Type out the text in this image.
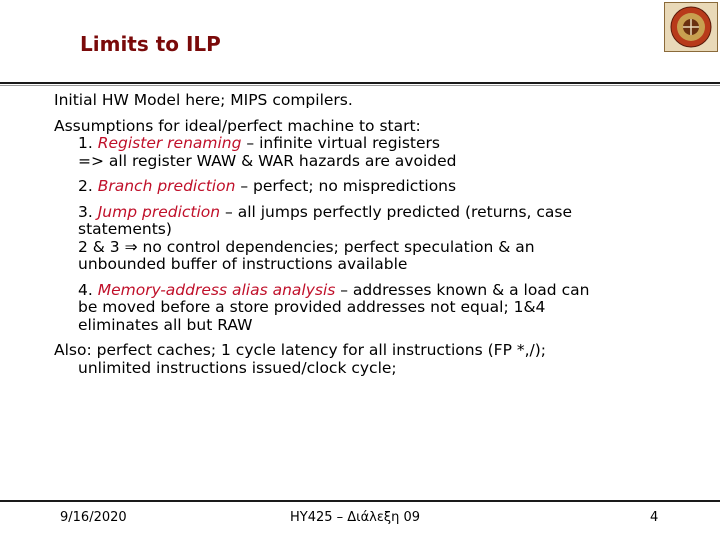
Limits to ILP
Initial HW Model here; MIPS compilers.
Assumptions for ideal/perfect machine to start:
1. Register renaming – infinite virtual registers
=> all register WAW & WAR hazards are avoided
2. Branch prediction – perfect; no mispredictions
3. Jump prediction – all jumps perfectly predicted (returns, case
statements)
2 & 3 ⇒ no control dependencies; perfect speculation & an
unbounded buffer of instructions available
4. Memory-address alias analysis – addresses known & a load can
be moved before a store provided addresses not equal; 1&4
eliminates all but RAW
Also: perfect caches; 1 cycle latency for all instructions (FP *,/);
unlimited instructions issued/clock cycle;
9/16/2020	HY425 – Διάλεξη 09	4
